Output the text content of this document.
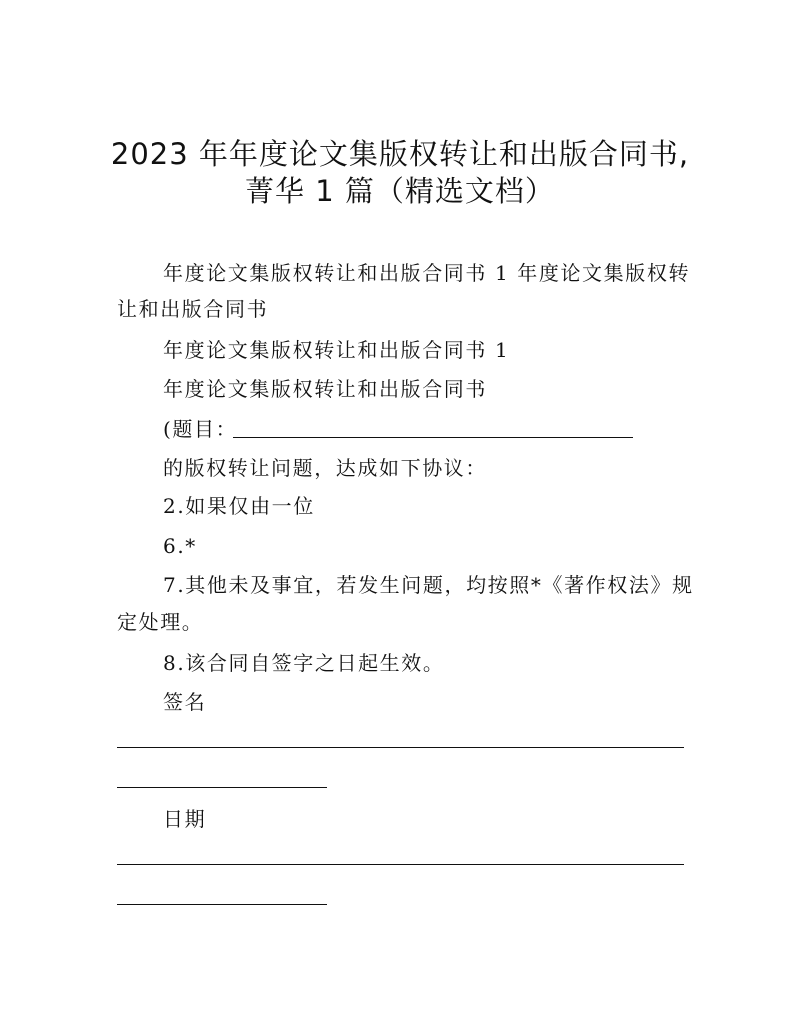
2023 年年度论文集版权转让和出版合同书,
菁华 1 篇（精选文档）
年度论文集版权转让和出版合同书 1 年度论文集版权转
让和出版合同书
年度论文集版权转让和出版合同书 1
年度论文集版权转让和出版合同书
(题目：
的版权转让问题，达成如下协议：
2.如果仅由一位
6.*
7.其他未及事宜，若发生问题，均按照*《著作权法》规
定处理。
8.该合同自签字之日起生效。
签名
日期
